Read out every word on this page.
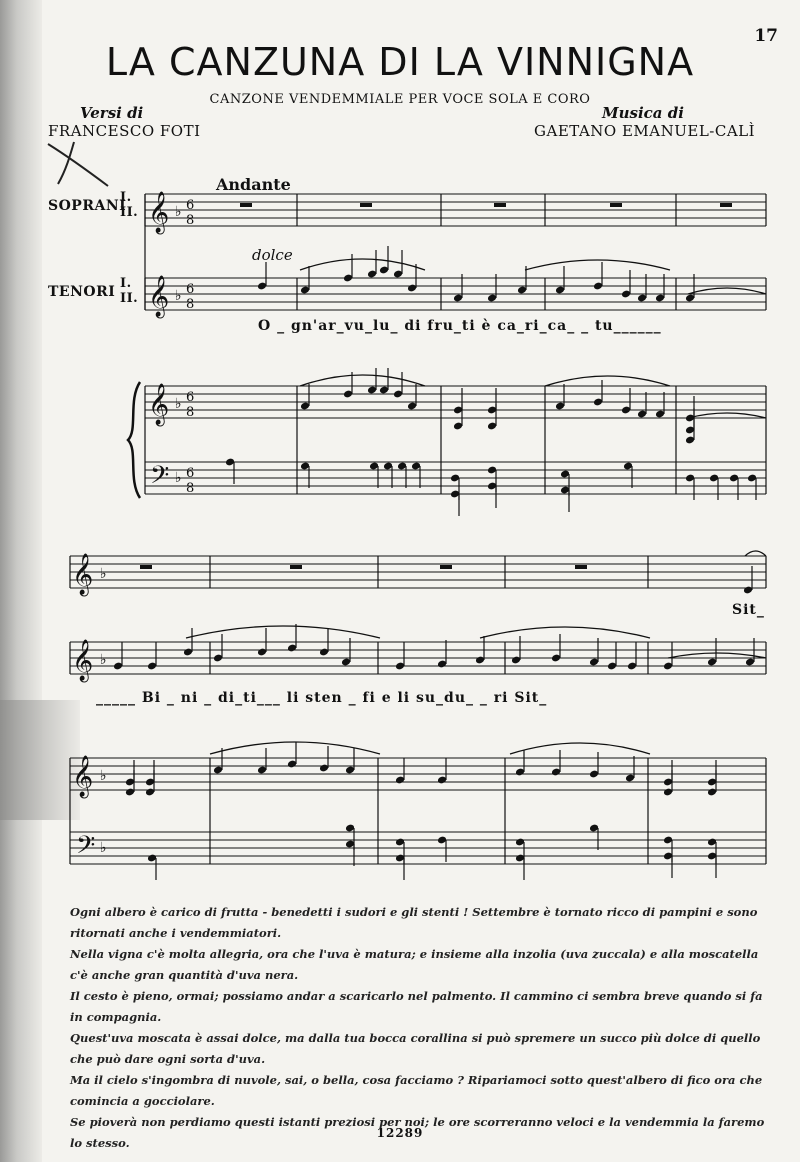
17
LA CANZUNA DI LA VINNIGNA
CANZONE VENDEMMIALE PER VOCE SOLA E CORO
Versi di
FRANCESCO FOTI
Musica di
GAETANO EMANUEL-CALÌ
Andante
dolce
I.
II.
SOPRANI
I.
II.
TENORI
𝄞 ♭ 6
8
𝄞 ♭ 6
8
𝄞 ♭ 6
8
𝄢 ♭ 6
8
𝄞 ♭
𝄞 ♭
𝄞 ♭
𝄢 ♭
O _ gn'ar_vu_lu_ di fru_ti è ca_ri_ca_ _ tu______
Sit_
_____ Bi _ ni _ di_ti___ li sten _ fi e li su_du_ _ ri Sit_

Ogni albero è carico di frutta - benedetti i sudori e gli stenti ! Settembre è tornato ricco di pampini e sono ritornati anche i vendemmiatori.

Nella vigna c'è molta allegria, ora che l'uva è matura; e insieme alla inzolia (uva zuccala) e alla moscatella c'è anche gran quantità d'uva nera.

Il cesto è pieno, ormai; possiamo andar a scaricarlo nel palmento. Il cammino ci sembra breve quando si fa in compagnia.

Quest'uva moscata è assai dolce, ma dalla tua bocca corallina si può spremere un succo più dolce di quello che può dare ogni sorta d'uva.

Ma il cielo s'ingombra di nuvole, sai, o bella, cosa facciamo ? Ripariamoci sotto quest'albero di fico ora che comincia a gocciolare.

Se pioverà non perdiamo questi istanti preziosi per noi; le ore scorreranno veloci e la vendemmia la faremo lo stesso.

12289
